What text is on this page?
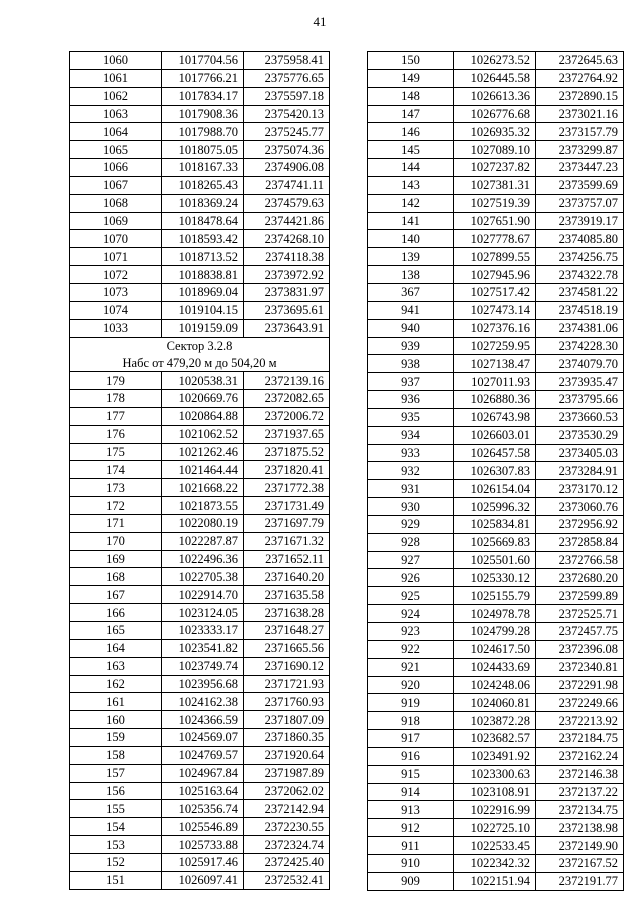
41
1060	1017704.56	2375958.41
1061	1017766.21	2375776.65
1062	1017834.17	2375597.18
1063	1017908.36	2375420.13
1064	1017988.70	2375245.77
1065	1018075.05	2375074.36
1066	1018167.33	2374906.08
1067	1018265.43	2374741.11
1068	1018369.24	2374579.63
1069	1018478.64	2374421.86
1070	1018593.42	2374268.10
1071	1018713.52	2374118.38
1072	1018838.81	2373972.92
1073	1018969.04	2373831.97
1074	1019104.15	2373695.61
1033	1019159.09	2373643.91
Сектор 3.2.8		
Набс от 479,20 м до 504,20 м		
179	1020538.31	2372139.16
178	1020669.76	2372082.65
177	1020864.88	2372006.72
176	1021062.52	2371937.65
175	1021262.46	2371875.52
174	1021464.44	2371820.41
173	1021668.22	2371772.38
172	1021873.55	2371731.49
171	1022080.19	2371697.79
170	1022287.87	2371671.32
169	1022496.36	2371652.11
168	1022705.38	2371640.20
167	1022914.70	2371635.58
166	1023124.05	2371638.28
165	1023333.17	2371648.27
164	1023541.82	2371665.56
163	1023749.74	2371690.12
162	1023956.68	2371721.93
161	1024162.38	2371760.93
160	1024366.59	2371807.09
159	1024569.07	2371860.35
158	1024769.57	2371920.64
157	1024967.84	2371987.89
156	1025163.64	2372062.02
155	1025356.74	2372142.94
154	1025546.89	2372230.55
153	1025733.88	2372324.74
152	1025917.46	2372425.40
151	1026097.41	2372532.41
150	1026273.52	2372645.63
149	1026445.58	2372764.92
148	1026613.36	2372890.15
147	1026776.68	2373021.16
146	1026935.32	2373157.79
145	1027089.10	2373299.87
144	1027237.82	2373447.23
143	1027381.31	2373599.69
142	1027519.39	2373757.07
141	1027651.90	2373919.17
140	1027778.67	2374085.80
139	1027899.55	2374256.75
138	1027945.96	2374322.78
367	1027517.42	2374581.22
941	1027473.14	2374518.19
940	1027376.16	2374381.06
939	1027259.95	2374228.30
938	1027138.47	2374079.70
937	1027011.93	2373935.47
936	1026880.36	2373795.66
935	1026743.98	2373660.53
934	1026603.01	2373530.29
933	1026457.58	2373405.03
932	1026307.83	2373284.91
931	1026154.04	2373170.12
930	1025996.32	2373060.76
929	1025834.81	2372956.92
928	1025669.83	2372858.84
927	1025501.60	2372766.58
926	1025330.12	2372680.20
925	1025155.79	2372599.89
924	1024978.78	2372525.71
923	1024799.28	2372457.75
922	1024617.50	2372396.08
921	1024433.69	2372340.81
920	1024248.06	2372291.98
919	1024060.81	2372249.66
918	1023872.28	2372213.92
917	1023682.57	2372184.75
916	1023491.92	2372162.24
915	1023300.63	2372146.38
914	1023108.91	2372137.22
913	1022916.99	2372134.75
912	1022725.10	2372138.98
911	1022533.45	2372149.90
910	1022342.32	2372167.52
909	1022151.94	2372191.77
